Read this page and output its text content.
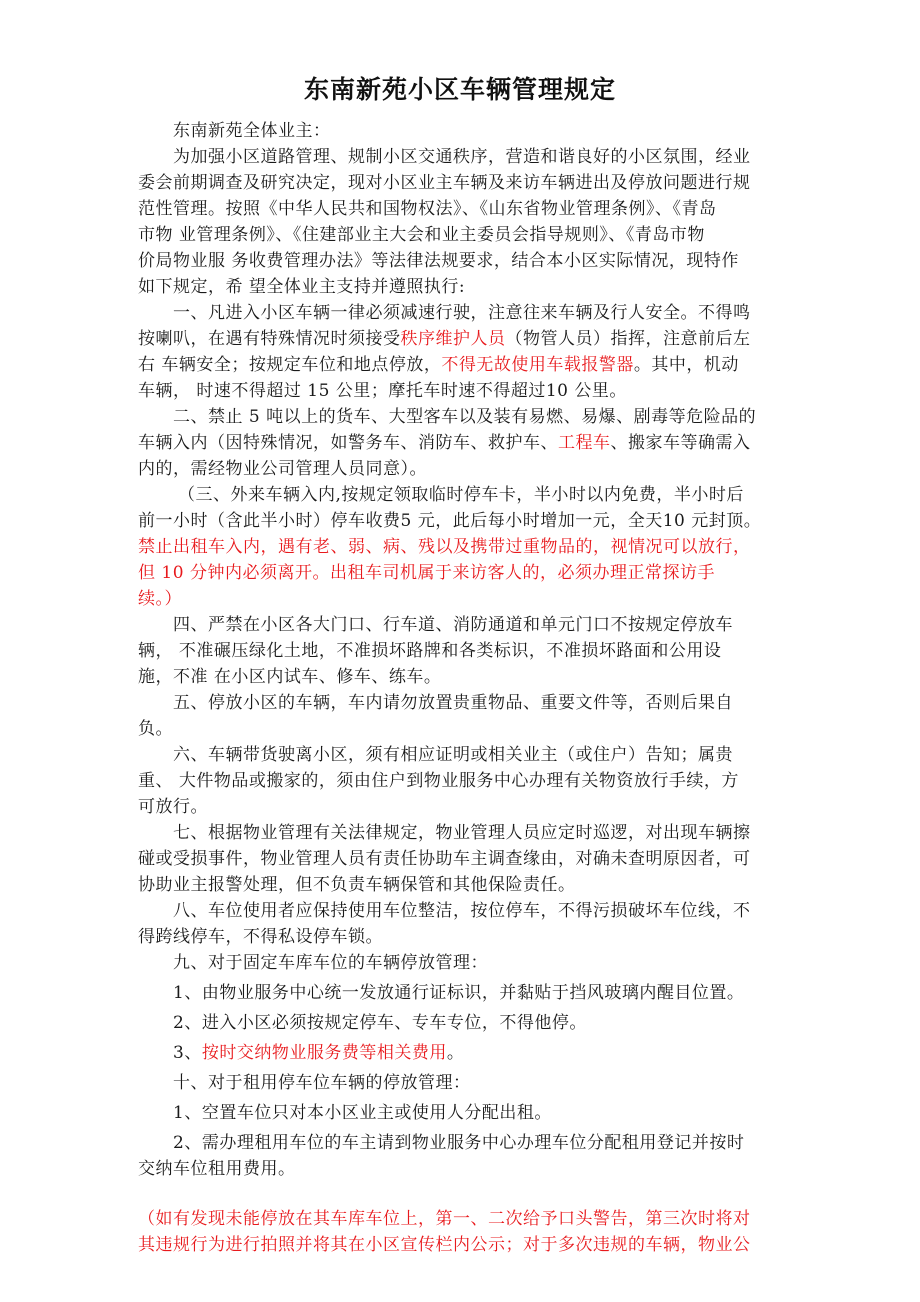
东南新苑小区车辆管理规定
东南新苑全体业主：
为加强小区道路管理、规制小区交通秩序，营造和谐良好的小区氛围，经业
委会前期调查及研究决定，现对小区业主车辆及来访车辆进出及停放问题进行规
范性管理。按照《中华人民共和国物权法》、《山东省物业管理条例》、《青岛
市物 业管理条例》、《住建部业主大会和业主委员会指导规则》、《青岛市物
价局物业服 务收费管理办法》等法律法规要求，结合本小区实际情况，现特作
如下规定，希 望全体业主支持并遵照执行:
一、凡进入小区车辆一律必须减速行驶，注意往来车辆及行人安全。不得鸣
按喇叭，在遇有特殊情况时须接受秩序维护人员（物管人员）指挥，注意前后左
右 车辆安全；按规定车位和地点停放，不得无故使用车载报警器。其中，机动
车辆， 时速不得超过 15 公里；摩托车时速不得超过10 公里。
二、禁止 5 吨以上的货车、大型客车以及装有易燃、易爆、剧毒等危险品的
车辆入内（因特殊情况，如警务车、消防车、救护车、工程车、搬家车等确需入
内的，需经物业公司管理人员同意）。
（三、外来车辆入内,按规定领取临时停车卡，半小时以内免费，半小时后
前一小时（含此半小时）停车收费5 元，此后每小时增加一元，全天10 元封顶。
禁止出租车入内，遇有老、弱、病、残以及携带过重物品的，视情况可以放行，
但 10 分钟内必须离开。出租车司机属于来访客人的，必须办理正常探访手
续。）
四、严禁在小区各大门口、行车道、消防通道和单元门口不按规定停放车
辆， 不准碾压绿化土地，不准损坏路牌和各类标识，不准损坏路面和公用设
施，不准 在小区内试车、修车、练车。
五、停放小区的车辆，车内请勿放置贵重物品、重要文件等，否则后果自
负。
六、车辆带货驶离小区，须有相应证明或相关业主（或住户）告知；属贵
重、 大件物品或搬家的，须由住户到物业服务中心办理有关物资放行手续，方
可放行。
七、根据物业管理有关法律规定，物业管理人员应定时巡逻，对出现车辆擦
碰或受损事件，物业管理人员有责任协助车主调查缘由，对确未查明原因者，可
协助业主报警处理，但不负责车辆保管和其他保险责任。
八、车位使用者应保持使用车位整洁，按位停车，不得污损破坏车位线，不
得跨线停车，不得私设停车锁。
九、对于固定车库车位的车辆停放管理：
1、由物业服务中心统一发放通行证标识，并黏贴于挡风玻璃内醒目位置。
2、进入小区必须按规定停车、专车专位，不得他停。
3、按时交纳物业服务费等相关费用。
十、对于租用停车位车辆的停放管理：
1、空置车位只对本小区业主或使用人分配出租。
2、需办理租用车位的车主请到物业服务中心办理车位分配租用登记并按时
交纳车位租用费用。
（如有发现未能停放在其车库车位上，第一、二次给予口头警告，第三次时将对
其违规行为进行拍照并将其在小区宣传栏内公示；对于多次违规的车辆，物业公
